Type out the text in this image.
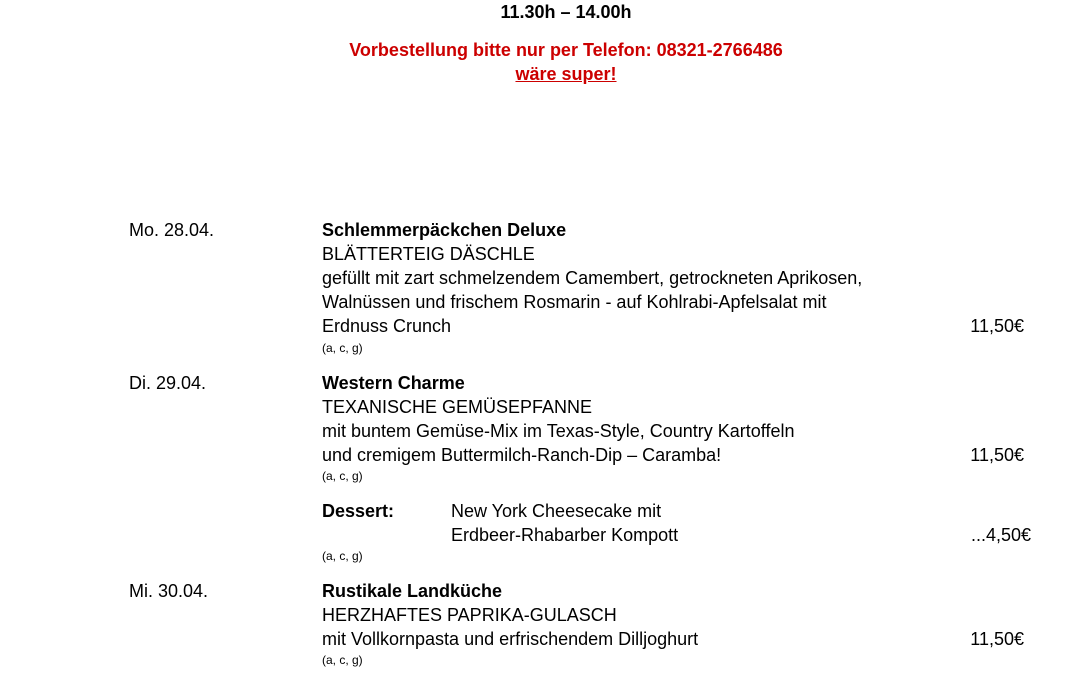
11.30h – 14.00h
Vorbestellung bitte nur per Telefon: 08321-2766486
wäre super!
Mo. 28.04.	Schlemmerpäckchen Deluxe
BLÄTTERTEIG DÄSCHLE
gefüllt mit zart schmelzendem Camembert, getrockneten Aprikosen,
Walnüssen und frischem Rosmarin - auf Kohlrabi-Apfelsalat mit
Erdnuss Crunch	11,50€
(a, c, g)
Di. 29.04.	Western Charme
TEXANISCHE GEMÜSEPFANNE
mit buntem Gemüse-Mix im Texas-Style, Country Kartoffeln
und cremigem Buttermilch-Ranch-Dip – Caramba!	11,50€
(a, c, g)
Dessert:	New York Cheesecake mit
Erdbeer-Rhabarber Kompott	...4,50€
(a, c, g)
Mi. 30.04.	Rustikale Landküche
HERZHAFTES PAPRIKA-GULASCH
mit Vollkornpasta und erfrischendem Dilljoghurt	11,50€
(a, c, g)
